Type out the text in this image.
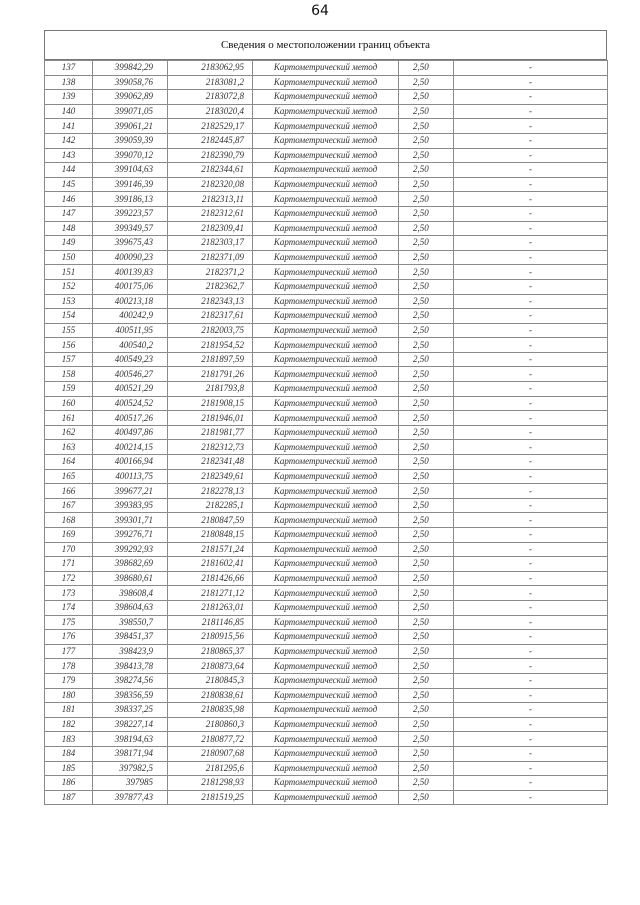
64
Сведения о местоположении границ объекта
137	399842,29	2183062,95	Картометрический метод	2,50	-
138	399058,76	2183081,2	Картометрический метод	2,50	-
139	399062,89	2183072,8	Картометрический метод	2,50	-
140	399071,05	2183020,4	Картометрический метод	2,50	-
141	399061,21	2182529,17	Картометрический метод	2,50	-
142	399059,39	2182445,87	Картометрический метод	2,50	-
143	399070,12	2182390,79	Картометрический метод	2,50	-
144	399104,63	2182344,61	Картометрический метод	2,50	-
145	399146,39	2182320,08	Картометрический метод	2,50	-
146	399186,13	2182313,11	Картометрический метод	2,50	-
147	399223,57	2182312,61	Картометрический метод	2,50	-
148	399349,57	2182309,41	Картометрический метод	2,50	-
149	399675,43	2182303,17	Картометрический метод	2,50	-
150	400090,23	2182371,09	Картометрический метод	2,50	-
151	400139,83	2182371,2	Картометрический метод	2,50	-
152	400175,06	2182362,7	Картометрический метод	2,50	-
153	400213,18	2182343,13	Картометрический метод	2,50	-
154	400242,9	2182317,61	Картометрический метод	2,50	-
155	400511,95	2182003,75	Картометрический метод	2,50	-
156	400540,2	2181954,52	Картометрический метод	2,50	-
157	400549,23	2181897,59	Картометрический метод	2,50	-
158	400546,27	2181791,26	Картометрический метод	2,50	-
159	400521,29	2181793,8	Картометрический метод	2,50	-
160	400524,52	2181908,15	Картометрический метод	2,50	-
161	400517,26	2181946,01	Картометрический метод	2,50	-
162	400497,86	2181981,77	Картометрический метод	2,50	-
163	400214,15	2182312,73	Картометрический метод	2,50	-
164	400166,94	2182341,48	Картометрический метод	2,50	-
165	400113,75	2182349,61	Картометрический метод	2,50	-
166	399677,21	2182278,13	Картометрический метод	2,50	-
167	399383,95	2182285,1	Картометрический метод	2,50	-
168	399301,71	2180847,59	Картометрический метод	2,50	-
169	399276,71	2180848,15	Картометрический метод	2,50	-
170	399292,93	2181571,24	Картометрический метод	2,50	-
171	398682,69	2181602,41	Картометрический метод	2,50	-
172	398680,61	2181426,66	Картометрический метод	2,50	-
173	398608,4	2181271,12	Картометрический метод	2,50	-
174	398604,63	2181263,01	Картометрический метод	2,50	-
175	398550,7	2181146,85	Картометрический метод	2,50	-
176	398451,37	2180915,56	Картометрический метод	2,50	-
177	398423,9	2180865,37	Картометрический метод	2,50	-
178	398413,78	2180873,64	Картометрический метод	2,50	-
179	398274,56	2180845,3	Картометрический метод	2,50	-
180	398356,59	2180838,61	Картометрический метод	2,50	-
181	398337,25	2180835,98	Картометрический метод	2,50	-
182	398227,14	2180860,3	Картометрический метод	2,50	-
183	398194,63	2180877,72	Картометрический метод	2,50	-
184	398171,94	2180907,68	Картометрический метод	2,50	-
185	397982,5	2181295,6	Картометрический метод	2,50	-
186	397985	2181298,93	Картометрический метод	2,50	-
187	397877,43	2181519,25	Картометрический метод	2,50	-
